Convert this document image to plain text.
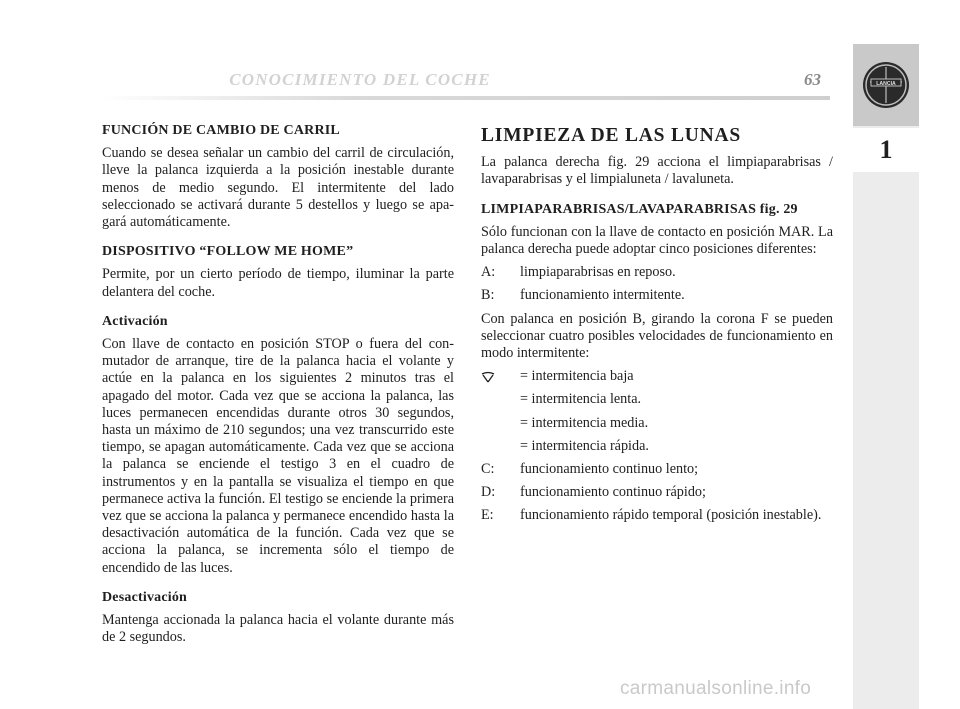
CONOCIMIENTO DEL COCHE	63	LANCIA
1

FUNCIÓN DE CAMBIO DE CARRIL

Cuando se desea señalar un cambio del carril de circulación, lleve la palanca izquierda a la posición inestable durante menos de medio segundo. El intermitente del lado seleccionado se activará durante 5 destellos y luego se apagará automáticamente.

DISPOSITIVO “FOLLOW ME HOME”

Permite, por un cierto período de tiempo, iluminar la parte delantera del coche.

Activación

Con llave de contacto en posición STOP o fuera del conmutador de arranque, tire de la palanca hacia el volante y actúe en la palanca en los siguientes 2 minutos tras el apagado del motor. Cada vez que se acciona la palanca, las luces permanecen encendidas durante otros 30 segundos, hasta un máximo de 210 segundos; una vez transcurrido este tiempo, se apagan automáticamente. Cada vez que se acciona la palanca se enciende el testigo 3 en el cuadro de instrumentos y en la pantalla se visualiza el tiempo en que permanece activa la función. El testigo se enciende la primera vez que se acciona la palanca y permanece encendido hasta la desactivación automática de la función. Cada vez que se acciona la palanca, se incrementa sólo el tiempo de encendido de las luces.

Desactivación

Mantenga accionada la palanca hacia el volante durante más de 2 segundos.

LIMPIEZA DE LAS LUNAS

La palanca derecha fig. 29 acciona el limpiaparabrisas / lavaparabrisas y el limpialuneta / lavaluneta.

LIMPIAPARABRISAS/LAVAPARABRISAS fig. 29

Sólo funcionan con la llave de contacto en posición MAR. La palanca derecha puede adoptar cinco posiciones diferentes:

A:	limpiaparabrisas en reposo.
B:	funcionamiento intermitente.

Con palanca en posición B, girando la corona F se pueden seleccionar cuatro posibles velocidades de funcionamiento en modo intermitente:

= intermitencia baja
= intermitencia lenta.
= intermitencia media.
= intermitencia rápida.
C:	funcionamiento continuo lento;
D:	funcionamiento continuo rápido;
E:	funcionamiento rápido temporal (posición inestable).
carmanualsonline.info
